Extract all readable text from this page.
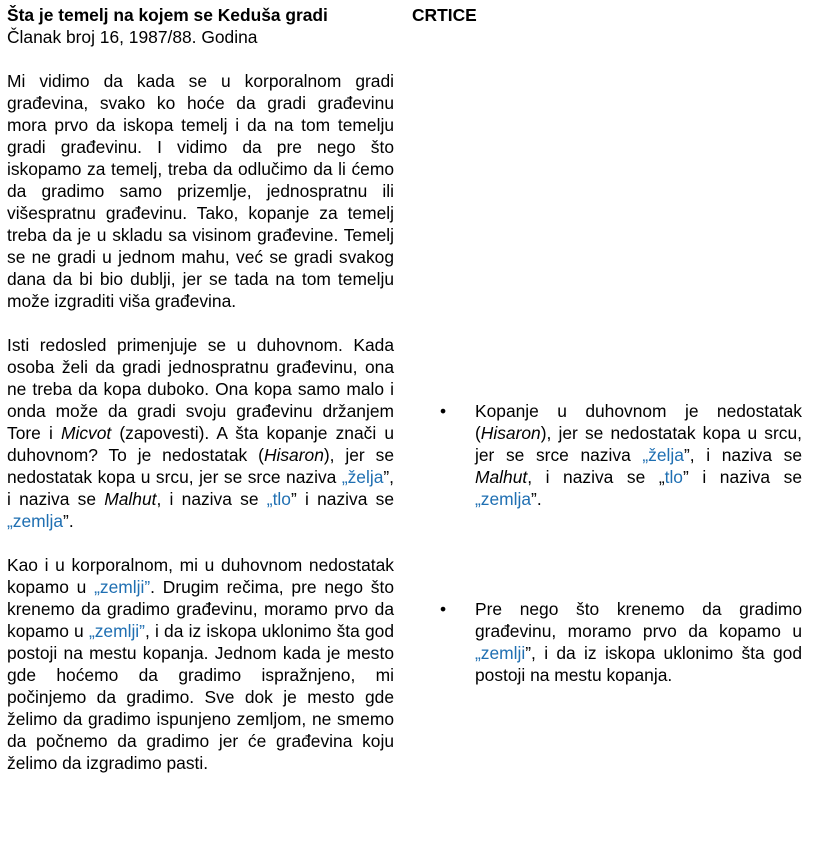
Šta je temelj na kojem se Keduša gradi
Članak broj 16, 1987/88. Godina

Mi vidimo da kada se u korporalnom gradi građevina, svako ko hoće da gradi građevinu mora prvo da iskopa temelj i da na tom temelju gradi građevinu. I vidimo da pre nego što iskopamo za temelj, treba da odlučimo da li ćemo da gradimo samo prizemlje, jednospratnu ili višespratnu građevinu. Tako, kopanje za temelj treba da je u skladu sa visinom građevine. Temelj se ne gradi u jednom mahu, već se gradi svakog dana da bi bio dublji, jer se tada na tom temelju može izgraditi viša građevina.

Isti redosled primenjuje se u duhovnom. Kada osoba želi da gradi jednospratnu građevinu, ona ne treba da kopa duboko. Ona kopa samo malo i onda može da gradi svoju građevinu držanjem Tore i Micvot (zapovesti). A šta kopanje znači u duhovnom? To je nedostatak (Hisaron), jer se nedostatak kopa u srcu, jer se srce naziva „želja”, i naziva se Malhut, i naziva se „tlo” i naziva se „zemlja”.

Kao i u korporalnom, mi u duhovnom nedostatak kopamo u „zemlji”. Drugim rečima, pre nego što krenemo da gradimo građevinu, moramo prvo da kopamo u „zemlji”, i da iz iskopa uklonimo šta god postoji na mestu kopanja. Jednom kada je mesto gde hoćemo da gradimo ispražnjeno, mi počinjemo da gradimo. Sve dok je mesto gde želimo da gradimo ispunjeno zemljom, ne smemo da počnemo da gradimo jer će građevina koju želimo da izgradimo pasti.

CRTICE
• Kopanje u duhovnom je nedostatak (Hisaron), jer se nedostatak kopa u srcu, jer se srce naziva „želja”, i naziva se Malhut, i naziva se „tlo” i naziva se „zemlja”.

• Pre nego što krenemo da gradimo građevinu, moramo prvo da kopamo u „zemlji”, i da iz iskopa uklonimo šta god postoji na mestu kopanja.
